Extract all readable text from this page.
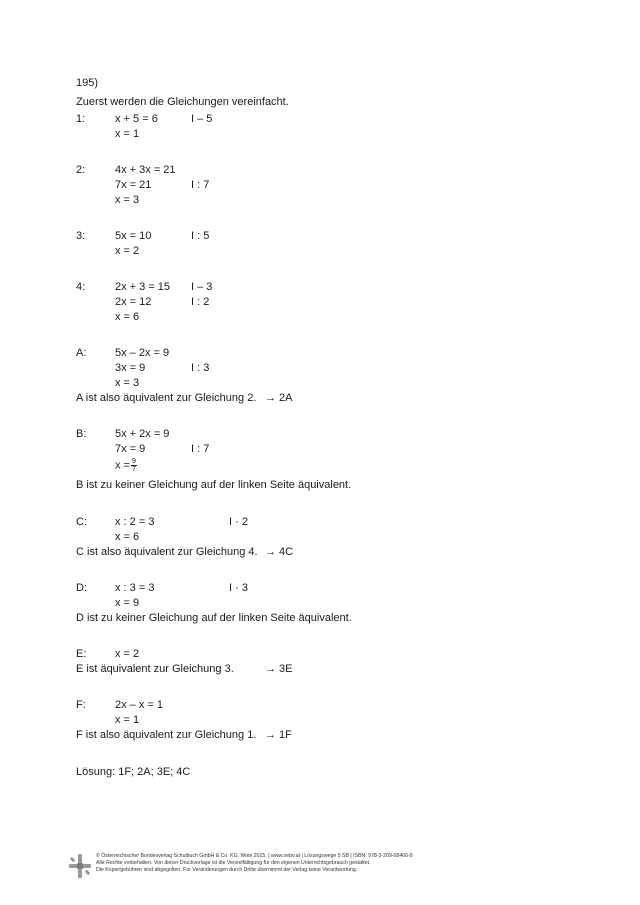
195)
Zuerst werden die Gleichungen vereinfacht.
1:	x + 5 = 6	I – 5
x = 1
2:	4x + 3x = 21
7x = 21	I : 7
x = 3
3:	5x = 10	I : 5
x = 2
4:	2x + 3 = 15 I – 3
2x = 12	I : 2
x = 6
A:	5x – 2x = 9
3x = 9	I : 3
x = 3
A ist also äquivalent zur Gleichung 2. → 2A
B:	5x + 2x = 9
7x = 9	I : 7
$x = \frac{9}{7}$
B ist zu keiner Gleichung auf der linken Seite äquivalent.
C:	x : 2 = 3	I · 2
x = 6
C ist also äquivalent zur Gleichung 4. → 4C
D:	x : 3 = 3	I · 3
x = 9
D ist zu keiner Gleichung auf der linken Seite äquivalent.
E:	x = 2
E ist äquivalent zur Gleichung 3.	→ 3E
F:	2x – x = 1
x = 1
F ist also äquivalent zur Gleichung 1. → 1F
Lösung: 1F; 2A; 3E; 4C
© Österreichischer Bundesverlag Schulbuch GmbH & Co. KG, Wien 2015. | www.oebv.at | Lösungswege 5 SB | ISBN: 978-3-209-08466-8
Alle Rechte vorbehalten. Von dieser Druckvorlage ist die Vervielfältigung für den eigenen Unterrichtsgebrauch gestattet.
Die Kopiergebühren sind abgegolten. Für Veränderungen durch Dritte übernimmt der Verlag keine Verantwortung.
